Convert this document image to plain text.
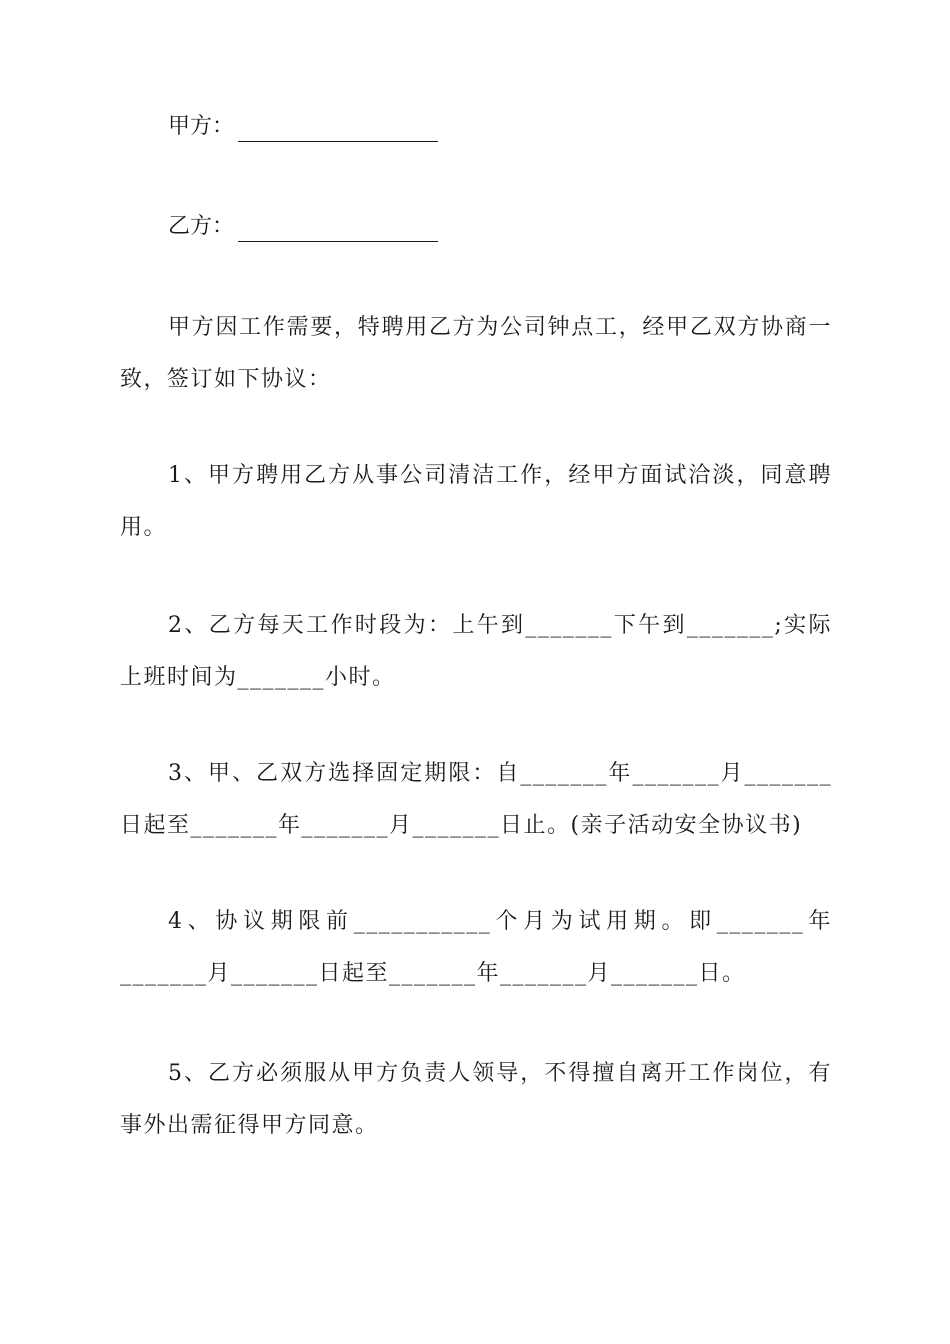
甲方：
乙方：

甲方因工作需要，特聘用乙方为公司钟点工，经甲乙双方协商一致，签订如下协议：

1、甲方聘用乙方从事公司清洁工作，经甲方面试洽淡，同意聘用。

2、乙方每天工作时段为：上午到_______下午到_______;实际上班时间为_______小时。

3、甲、乙双方选择固定期限：自_______年_______月_______日起至_______年_______月_______日止。(亲子活动安全协议书)

4、协议期限前___________个月为试用期。即_______年_______月_______日起至_______年_______月_______日。

5、乙方必须服从甲方负责人领导，不得擅自离开工作岗位，有事外出需征得甲方同意。
